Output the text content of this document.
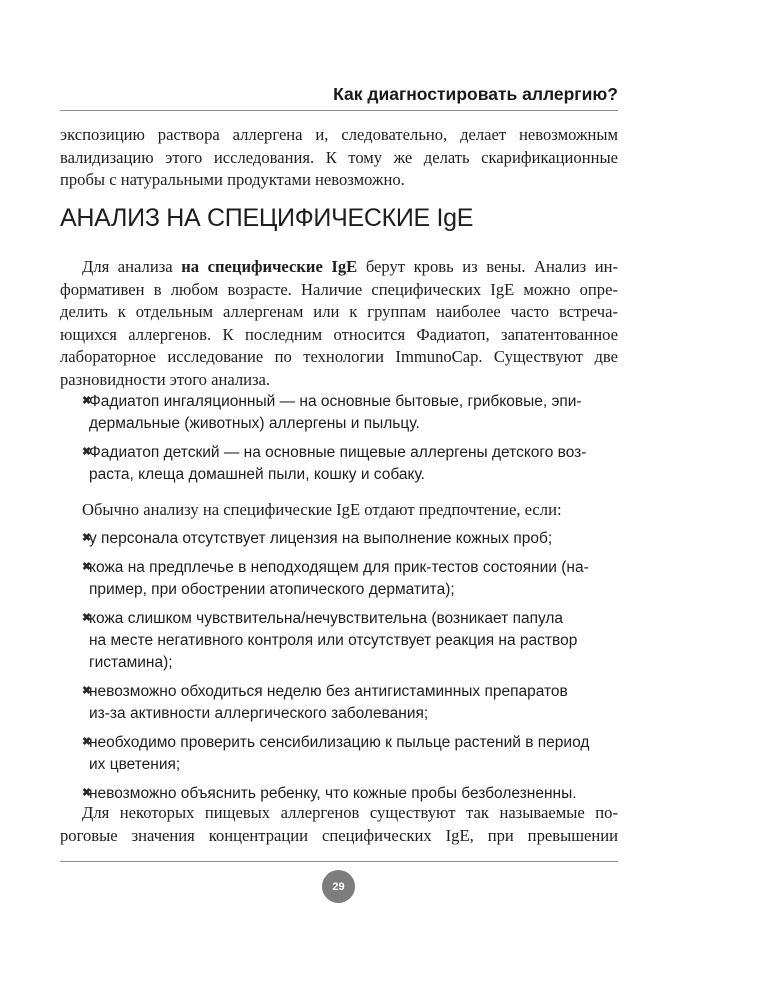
Как диагностировать аллергию?
экспозицию раствора аллергена и, следовательно, делает невозможным
валидизацию этого исследования. К тому же делать скарификационные
пробы с натуральными продуктами невозможно.
АНАЛИЗ НА СПЕЦИФИЧЕСКИЕ IgE
Для анализа на специфические IgE берут кровь из вены. Анализ ин-
формативен в любом возрасте. Наличие специфических IgE можно опре-
делить к отдельным аллергенам или к группам наиболее часто встреча-
ющихся аллергенов. К последним относится Фадиатоп, запатентованное
лабораторное исследование по технологии ImmunoCap. Существуют две
разновидности этого анализа.
✖
Фадиатоп ингаляционный — на основные бытовые, грибковые, эпи-
дермальные (животных) аллергены и пыльцу.
✖
Фадиатоп детский — на основные пищевые аллергены детского воз-
раста, клеща домашней пыли, кошку и собаку.
Обычно анализу на специфические IgE отдают предпочтение, если:
✖
у персонала отсутствует лицензия на выполнение кожных проб;
✖
кожа на предплечье в неподходящем для прик-тестов состоянии (на-
пример, при обострении атопического дерматита);
✖
кожа слишком чувствительна/нечувствительна (возникает папула
на месте негативного контроля или отсутствует реакция на раствор
гистамина);
✖
невозможно обходиться неделю без антигистаминных препаратов
из-за активности аллергического заболевания;
✖
необходимо проверить сенсибилизацию к пыльце растений в период
их цветения;
✖
невозможно объяснить ребенку, что кожные пробы безболезненны.
Для некоторых пищевых аллергенов существуют так называемые по-
роговые значения концентрации специфических IgE, при превышении
29
